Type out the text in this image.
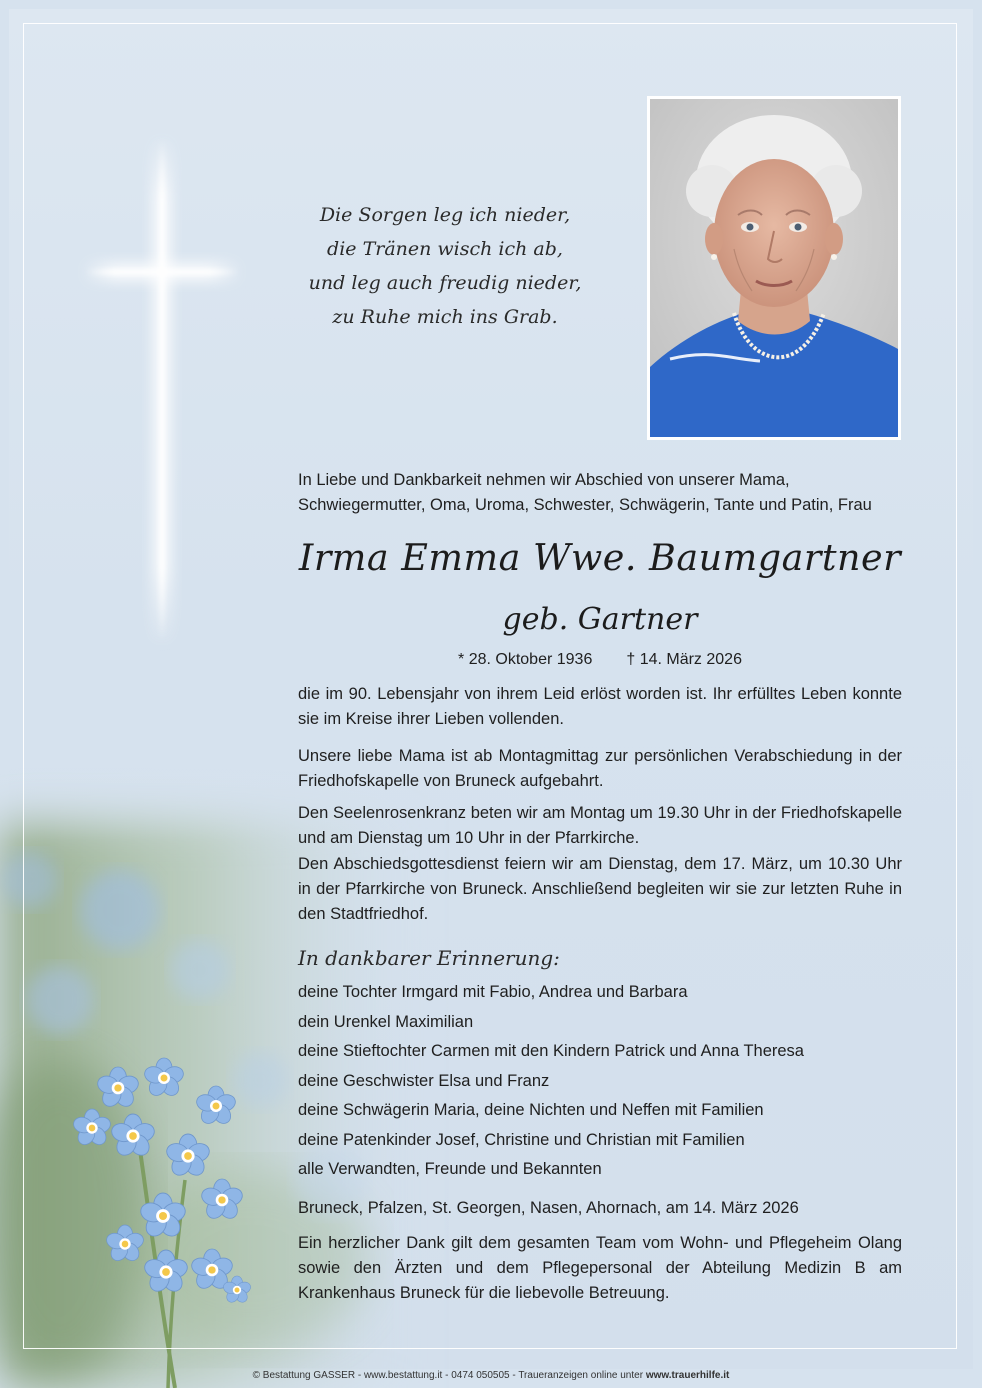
Die Sorgen leg ich nieder,
die Tränen wisch ich ab,
und leg auch freudig nieder,
zu Ruhe mich ins Grab.
In Liebe und Dankbarkeit nehmen wir Abschied von unserer Mama,
Schwiegermutter, Oma, Uroma, Schwester, Schwägerin, Tante und Patin, Frau
Irma Emma Wwe. Baumgartner
geb. Gartner
* 28. Oktober 1936 † 14. März 2026
die im 90. Lebensjahr von ihrem Leid erlöst worden ist. Ihr erfülltes Leben konnte sie im Kreise ihrer Lieben vollenden.
Unsere liebe Mama ist ab Montagmittag zur persönlichen Verabschiedung in der Friedhofskapelle von Bruneck aufgebahrt.
Den Seelenrosenkranz beten wir am Montag um 19.30 Uhr in der Friedhofskapelle und am Dienstag um 10 Uhr in der Pfarrkirche.
Den Abschiedsgottesdienst feiern wir am Dienstag, dem 17. März, um 10.30 Uhr in der Pfarrkirche von Bruneck. Anschließend begleiten wir sie zur letzten Ruhe in den Stadtfriedhof.
In dankbarer Erinnerung:
deine Tochter Irmgard mit Fabio, Andrea und Barbara
dein Urenkel Maximilian
deine Stieftochter Carmen mit den Kindern Patrick und Anna Theresa
deine Geschwister Elsa und Franz
deine Schwägerin Maria, deine Nichten und Neffen mit Familien
deine Patenkinder Josef, Christine und Christian mit Familien
alle Verwandten, Freunde und Bekannten
Bruneck, Pfalzen, St. Georgen, Nasen, Ahornach, am 14. März 2026
Ein herzlicher Dank gilt dem gesamten Team vom Wohn- und Pflegeheim Olang sowie den Ärzten und dem Pflegepersonal der Abteilung Medizin B am Krankenhaus Bruneck für die liebevolle Betreuung.
© Bestattung GASSER - www.bestattung.it - 0474 050505 - Traueranzeigen online unter www.trauerhilfe.it
